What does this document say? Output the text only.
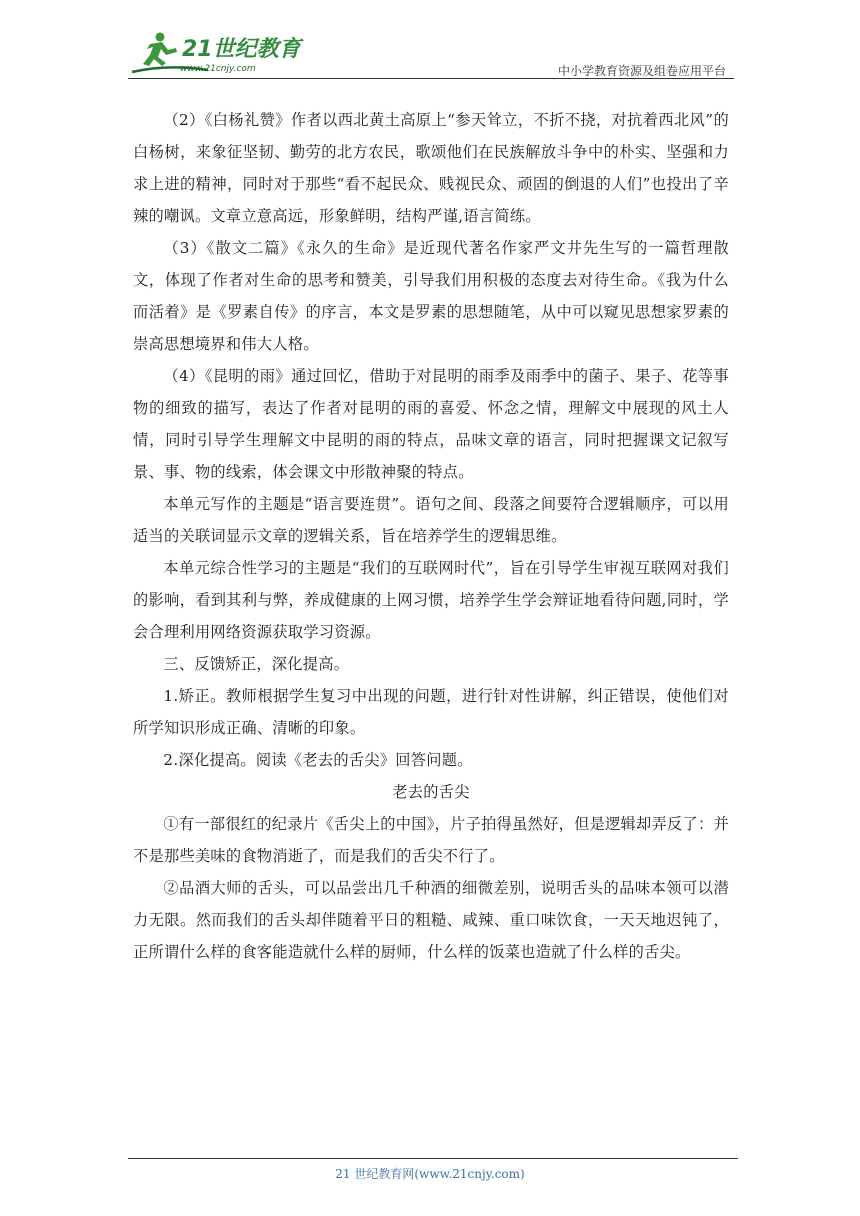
21世纪教育
www.21cnjy.com	中小学教育资源及组卷应用平台

（2）《白杨礼赞》作者以西北黄土高原上“参天耸立，不折不挠，对抗着西北风”的白杨树，来象征坚韧、勤劳的北方农民，歌颂他们在民族解放斗争中的朴实、坚强和力求上进的精神，同时对于那些“看不起民众、贱视民众、顽固的倒退的人们”也投出了辛辣的嘲讽。文章立意高远，形象鲜明，结构严谨,语言简练。

（3）《散文二篇》《永久的生命》是近现代著名作家严文井先生写的一篇哲理散文，体现了作者对生命的思考和赞美，引导我们用积极的态度去对待生命。《我为什么而活着》是《罗素自传》的序言，本文是罗素的思想随笔，从中可以窥见思想家罗素的崇高思想境界和伟大人格。

（4）《昆明的雨》通过回忆，借助于对昆明的雨季及雨季中的菌子、果子、花等事物的细致的描写，表达了作者对昆明的雨的喜爱、怀念之情，理解文中展现的风土人情，同时引导学生理解文中昆明的雨的特点，品味文章的语言，同时把握课文记叙写景、事、物的线索，体会课文中形散神聚的特点。

本单元写作的主题是“语言要连贯”。语句之间、段落之间要符合逻辑顺序，可以用适当的关联词显示文章的逻辑关系，旨在培养学生的逻辑思维。

本单元综合性学习的主题是“我们的互联网时代”，旨在引导学生审视互联网对我们的影响，看到其利与弊，养成健康的上网习惯，培养学生学会辩证地看待问题,同时，学会合理利用网络资源获取学习资源。

三、反馈矫正，深化提高。

1.矫正。教师根据学生复习中出现的问题，进行针对性讲解，纠正错误，使他们对所学知识形成正确、清晰的印象。

2.深化提高。阅读《老去的舌尖》回答问题。

老去的舌尖

①有一部很红的纪录片《舌尖上的中国》，片子拍得虽然好，但是逻辑却弄反了：并不是那些美味的食物消逝了，而是我们的舌尖不行了。

②品酒大师的舌头，可以品尝出几千种酒的细微差别，说明舌头的品味本领可以潜力无限。然而我们的舌头却伴随着平日的粗糙、咸辣、重口味饮食，一天天地迟钝了，正所谓什么样的食客能造就什么样的厨师，什么样的饭菜也造就了什么样的舌尖。

21 世纪教育网(www.21cnjy.com)
